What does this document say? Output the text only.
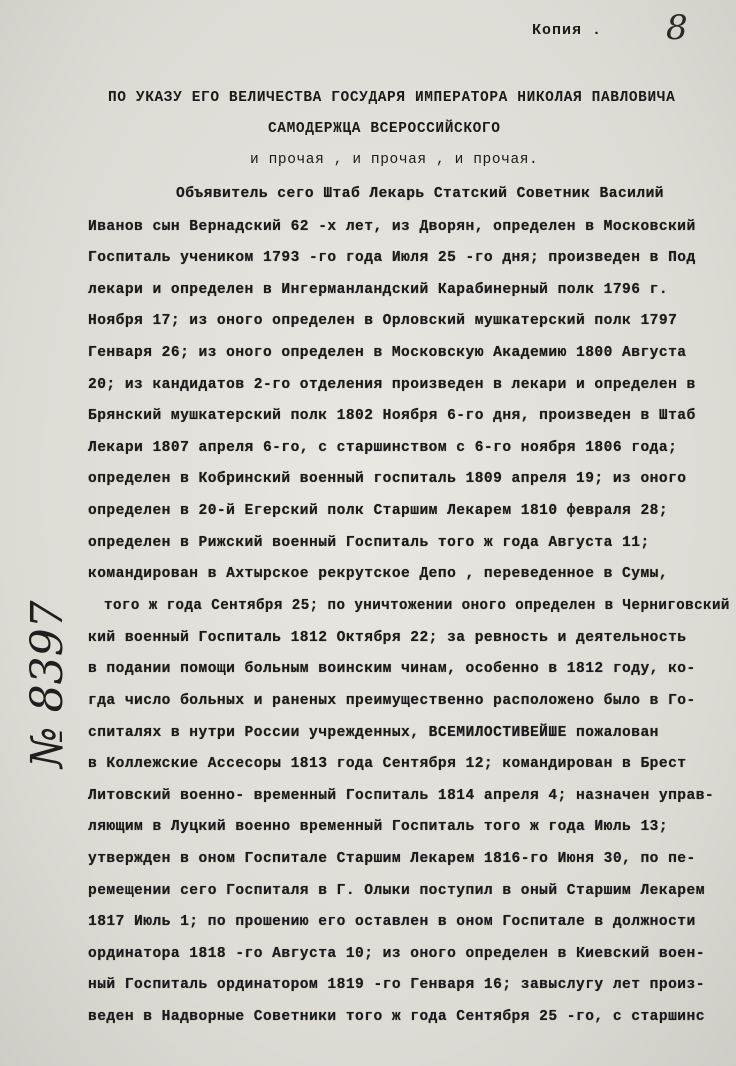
Копия . 8
ПО УКАЗУ ЕГО ВЕЛИЧЕСТВА ГОСУДАРЯ ИМПЕРАТОРА НИКОЛАЯ ПАВЛОВИЧА
САМОДЕРЖЦА ВСЕРОССИЙСКОГО
и прочая , и прочая , и прочая.
№ 8397
Объявитель сего Штаб Лекарь Статский Советник Василий
Иванов сын Вернадский 62 -х лет, из Дворян, определен в Московский
Госпиталь учеником 1793 -го года Июля 25 -го дня; произведен в Под
лекари и определен в Ингерманландский Карабинерный полк 1796 г.
Ноября 17; из оного определен в Орловский мушкатерский полк 1797
Генваря 26; из оного определен в Московскую Академию 1800 Августа
20; из кандидатов 2-го отделения произведен в лекари и определен в
Брянский мушкатерский полк 1802 Ноября 6-го дня, произведен в Штаб
Лекари 1807 апреля 6-го, с старшинством с 6-го ноября 1806 года;
определен в Кобринский военный госпиталь 1809 апреля 19; из оного
определен в 20-й Егерский полк Старшим Лекарем 1810 февраля 28;
определен в Рижский военный Госпиталь того ж года Августа 11;
командирован в Ахтырское рекрутское Депо , переведенное в Сумы,
того ж года Сентября 25; по уничтожении оного определен в Черниговский
кий военный Госпиталь 1812 Октября 22; за ревность и деятельность
в подании помощи больным воинским чинам, особенно в 1812 году, ко-
гда число больных и раненых преимущественно расположено было в Го-
спиталях в нутри России учрежденных, ВСЕМИЛОСТИВЕЙШЕ пожалован
в Коллежские Ассесоры 1813 года Сентября 12; командирован в Брест
Литовский военно- временный Госпиталь 1814 апреля 4; назначен управ-
ляющим в Луцкий военно временный Госпиталь того ж года Июль 13;
утвержден в оном Госпитале Старшим Лекарем 1816-го Июня 30, по пе-
ремещении сего Госпиталя в Г. Олыки поступил в оный Старшим Лекарем
1817 Июль 1; по прошению его оставлен в оном Госпитале в должности
ординатора 1818 -го Августа 10; из оного определен в Киевский воен-
ный Госпиталь ординатором 1819 -го Генваря 16; завыслугу лет произ-
веден в Надворные Советники того ж года Сентября 25 -го, с старшинс
